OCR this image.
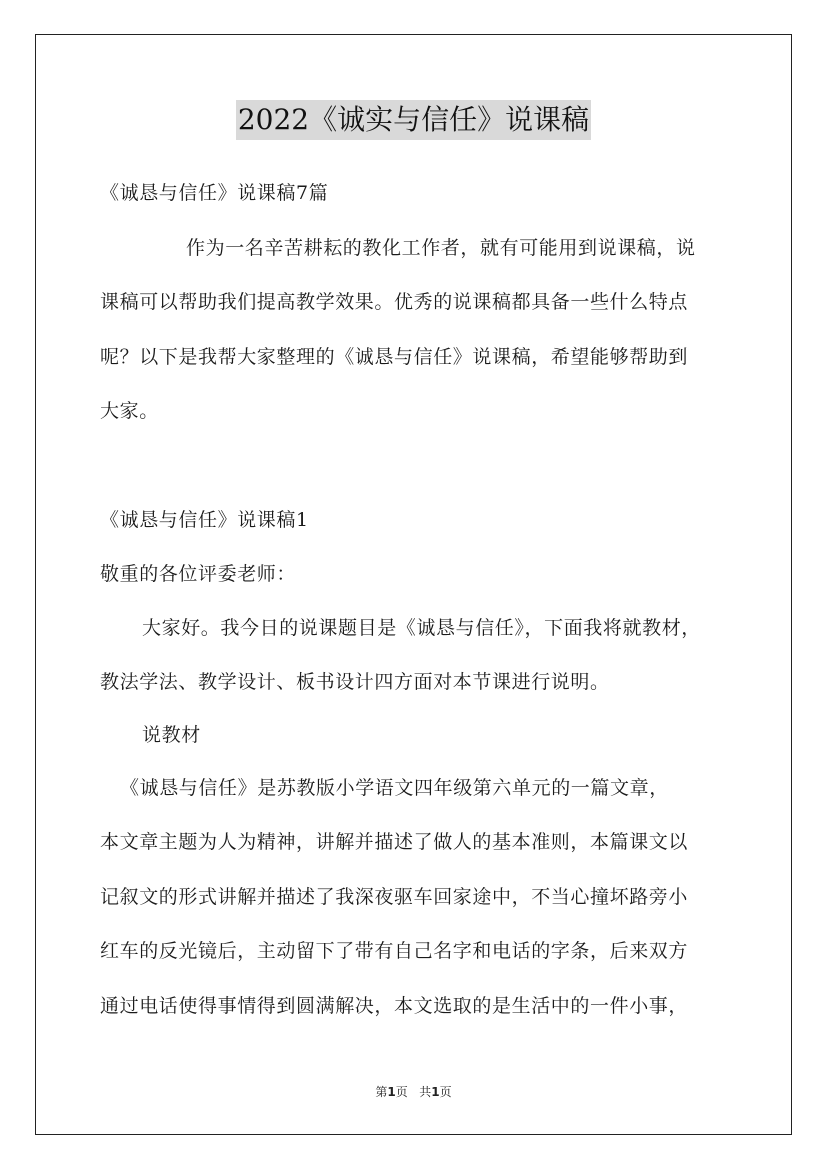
2022《诚实与信任》说课稿
《诚恳与信任》说课稿7篇
作为一名辛苦耕耘的教化工作者，就有可能用到说课稿，说
课稿可以帮助我们提高教学效果。优秀的说课稿都具备一些什么特点
呢？以下是我帮大家整理的《诚恳与信任》说课稿，希望能够帮助到
大家。
《诚恳与信任》说课稿1
敬重的各位评委老师：
大家好。我今日的说课题目是《诚恳与信任》，下面我将就教材，
教法学法、教学设计、板书设计四方面对本节课进行说明。
说教材
《诚恳与信任》是苏教版小学语文四年级第六单元的一篇文章，
本文章主题为人为精神，讲解并描述了做人的基本准则，本篇课文以
记叙文的形式讲解并描述了我深夜驱车回家途中，不当心撞坏路旁小
红车的反光镜后，主动留下了带有自己名字和电话的字条，后来双方
通过电话使得事情得到圆满解决，本文选取的是生活中的一件小事，
第1页   共1页
